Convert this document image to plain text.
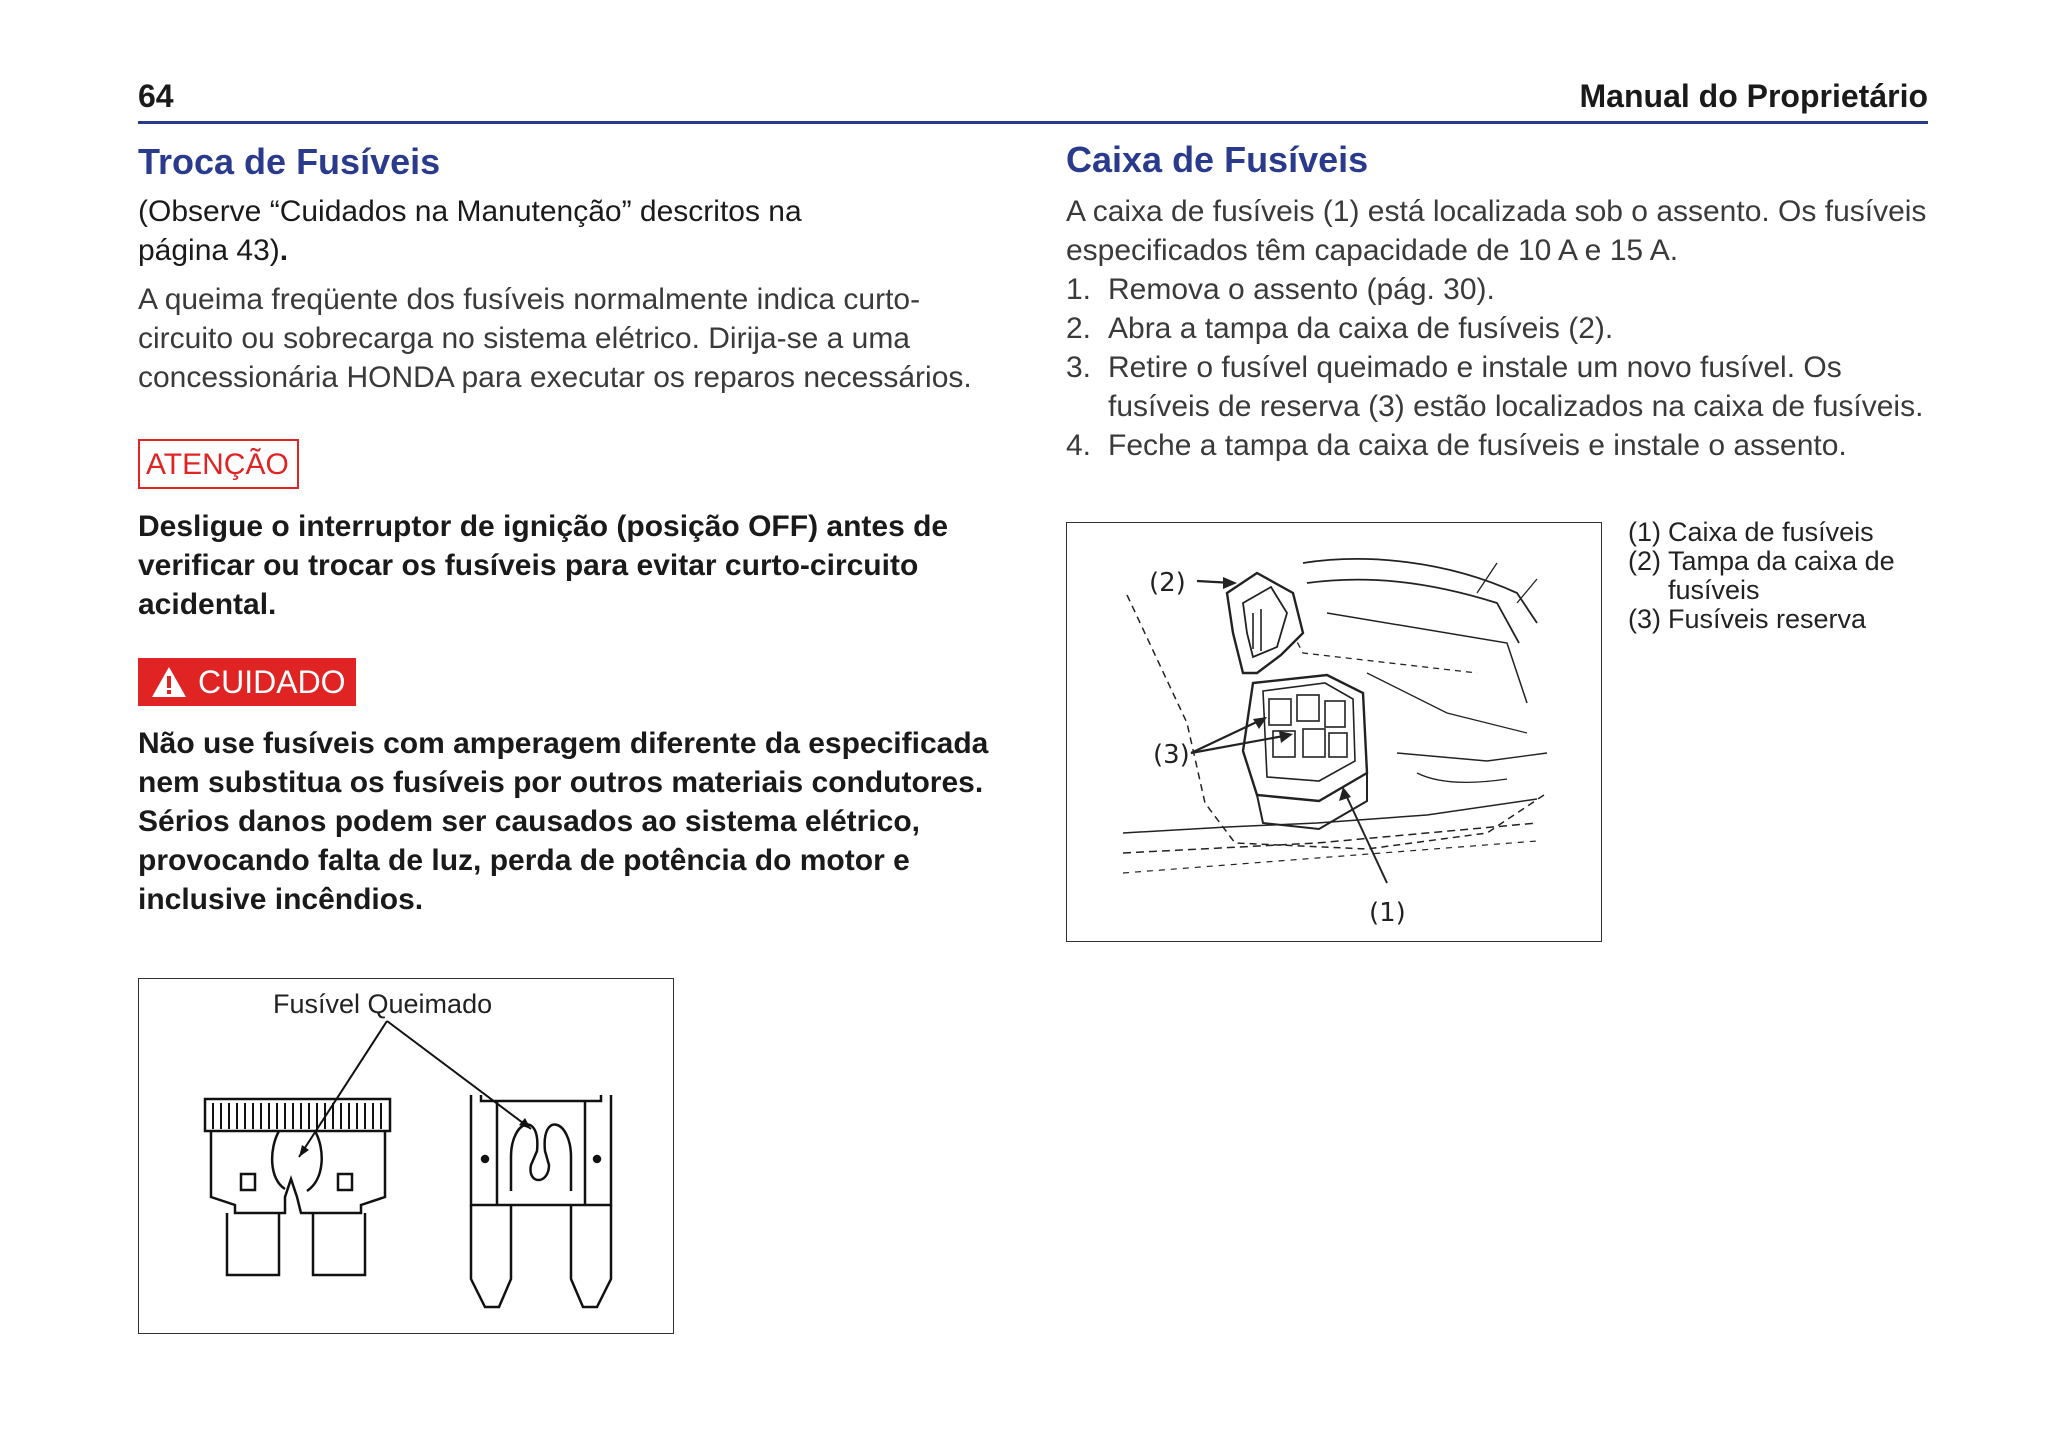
64	Manual do Proprietário
Troca de Fusíveis
(Observe “Cuidados na Manutenção” descritos na
página 43).
A queima freqüente dos fusíveis normalmente indica curto-circuito ou sobrecarga no sistema elétrico. Dirija-se a uma concessionária HONDA para executar os reparos necessários.
ATENÇÃO
Desligue o interruptor de ignição (posição OFF) antes de verificar ou trocar os fusíveis para evitar curto-circuito acidental.
CUIDADO
Não use fusíveis com amperagem diferente da especificada nem substitua os fusíveis por outros materiais condutores. Sérios danos podem ser causados ao sistema elétrico, provocando falta de luz, perda de potência do motor e inclusive incêndios.
Fusível Queimado
Caixa de Fusíveis
A caixa de fusíveis (1) está localizada sob o assento. Os fusíveis especificados têm capacidade de 10 A e 15 A.
1. Remova o assento (pág. 30).
2. Abra a tampa da caixa de fusíveis (2).
3. Retire o fusível queimado e instale um novo fusível. Os fusíveis de reserva (3) estão localizados na caixa de fusíveis.
4. Feche a tampa da caixa de fusíveis e instale o assento.
(2)
(3)
(1)
(1) Caixa de fusíveis
(2) Tampa da caixa de fusíveis
(3) Fusíveis reserva
